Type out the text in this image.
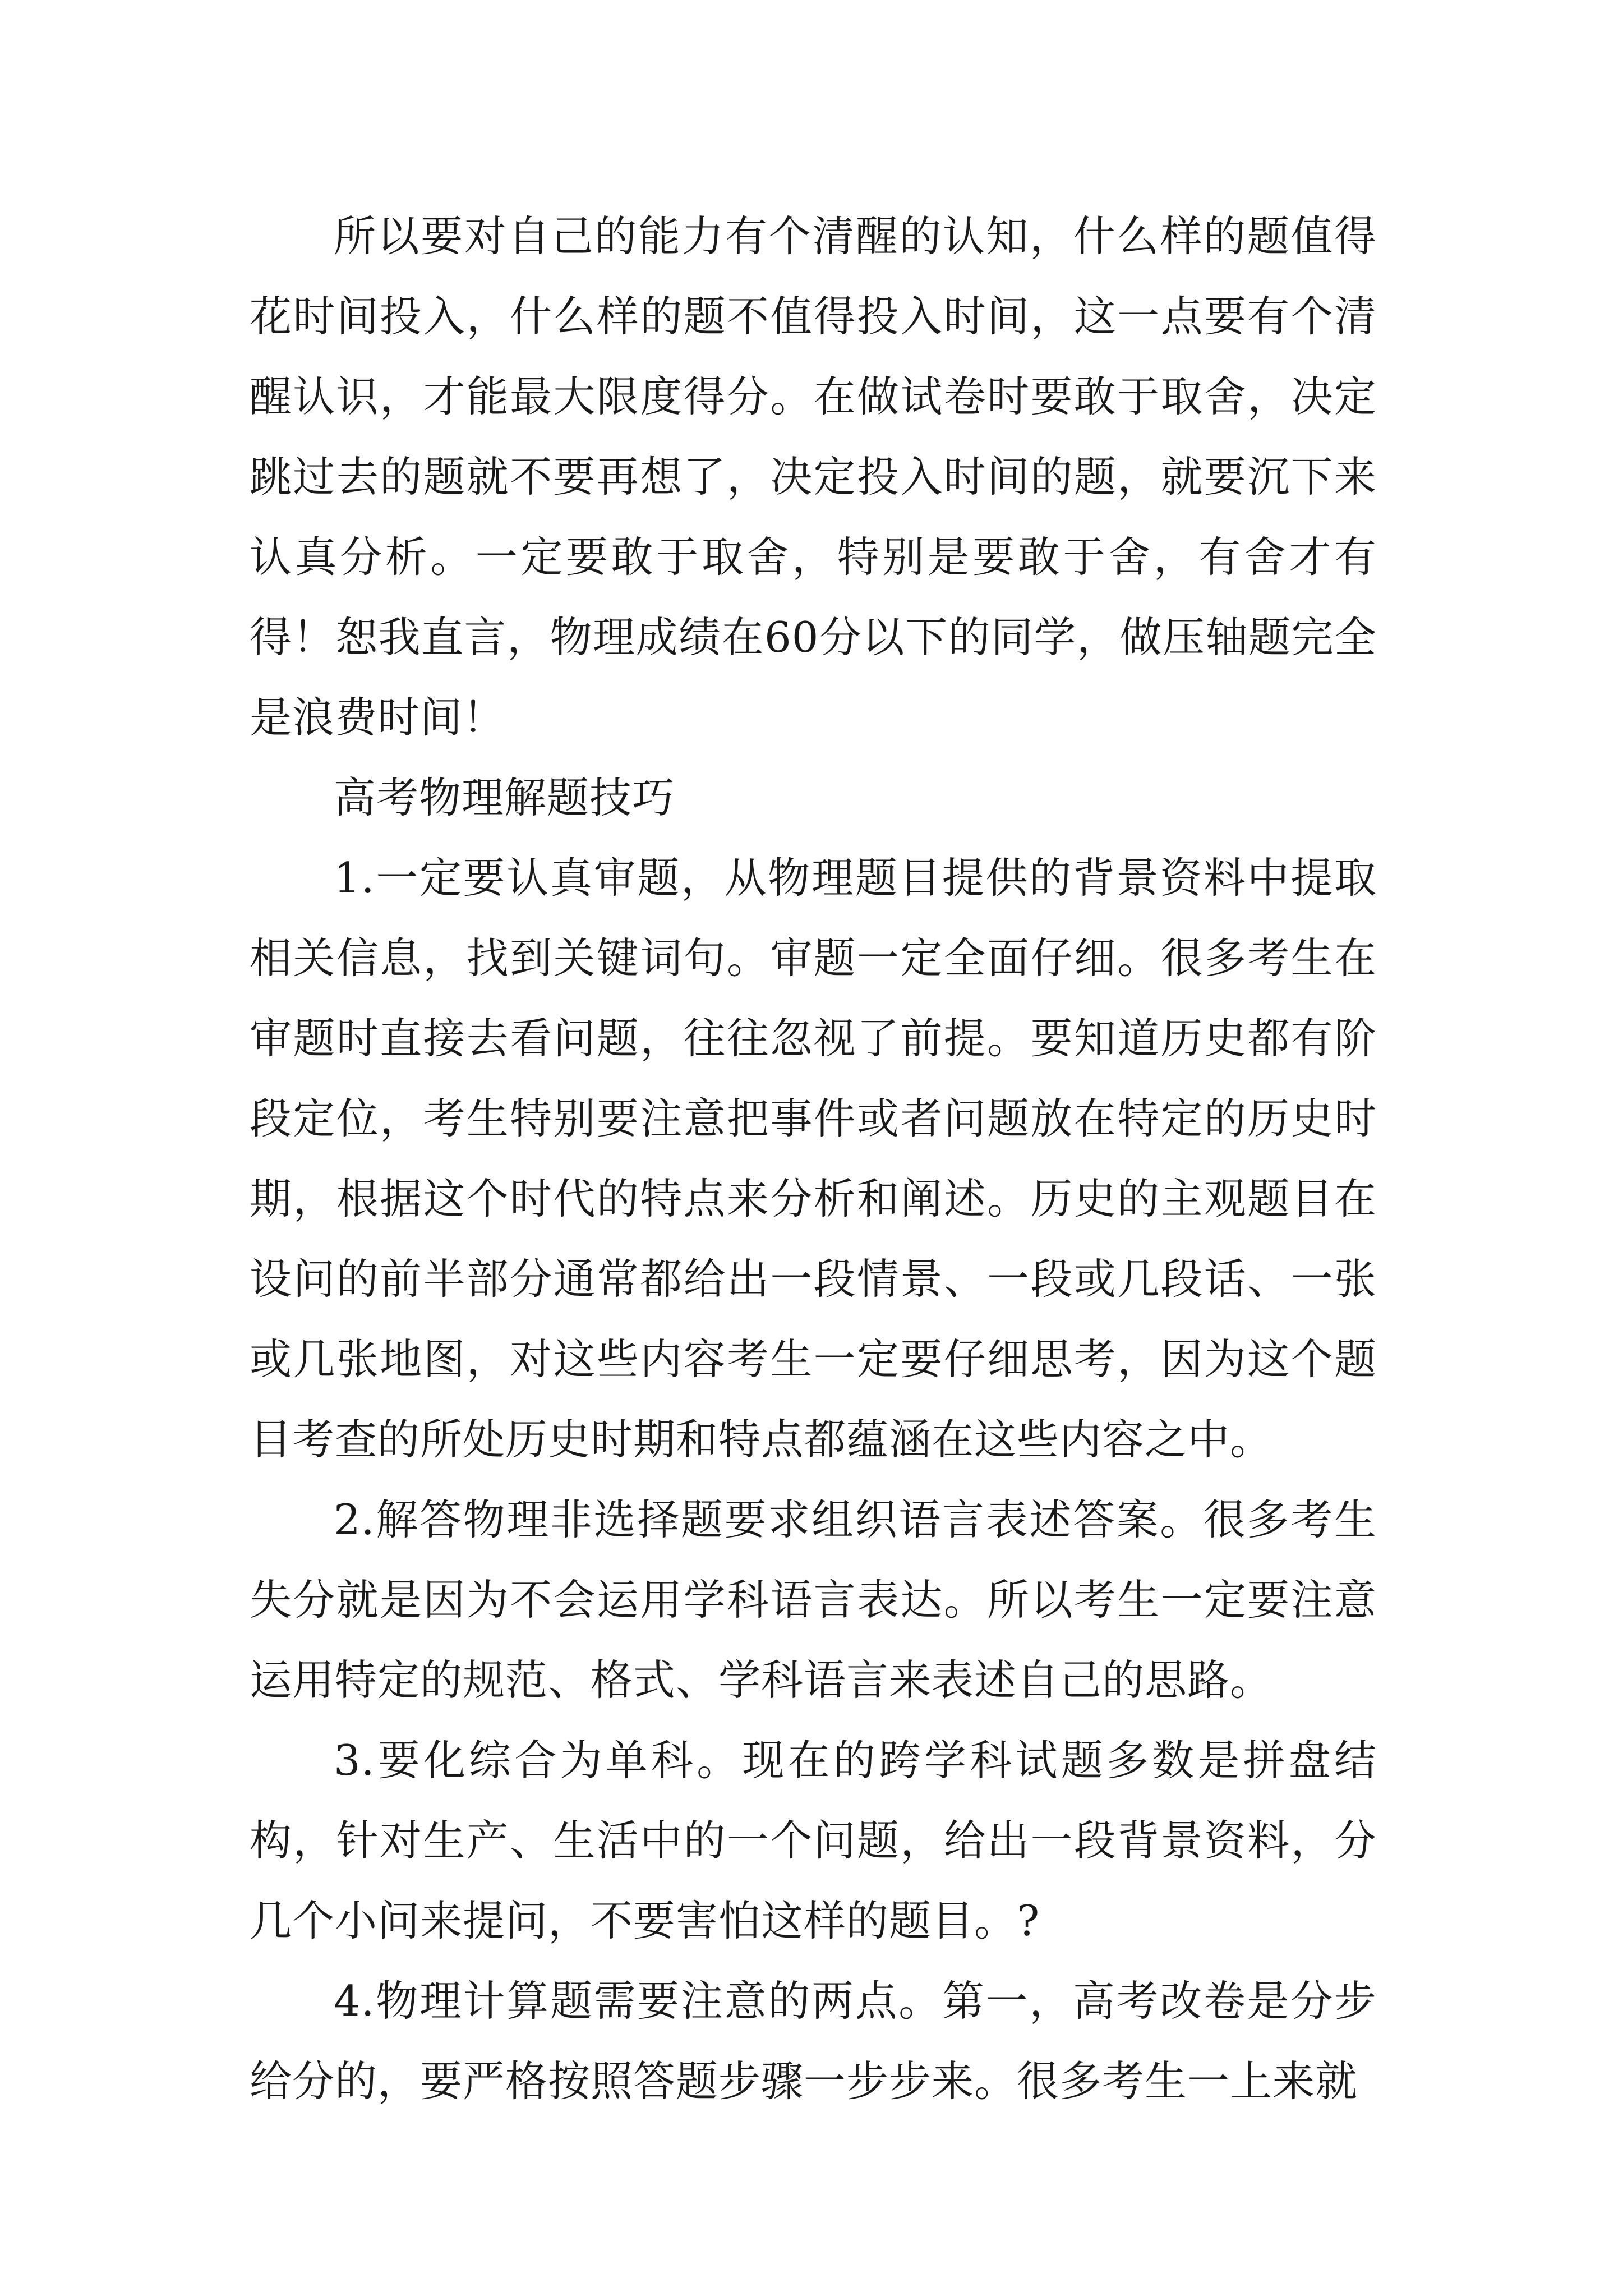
所以要对自己的能力有个清醒的认知，什么样的题值得花时间投入，什么样的题不值得投入时间，这一点要有个清醒认识，才能最大限度得分。在做试卷时要敢于取舍，决定跳过去的题就不要再想了，决定投入时间的题，就要沉下来认真分析。一定要敢于取舍，特别是要敢于舍，有舍才有得！恕我直言，物理成绩在60分以下的同学，做压轴题完全是浪费时间！

高考物理解题技巧

1.一定要认真审题，从物理题目提供的背景资料中提取相关信息，找到关键词句。审题一定全面仔细。很多考生在审题时直接去看问题，往往忽视了前提。要知道历史都有阶段定位，考生特别要注意把事件或者问题放在特定的历史时期，根据这个时代的特点来分析和阐述。历史的主观题目在设问的前半部分通常都给出一段情景、一段或几段话、一张或几张地图，对这些内容考生一定要仔细思考，因为这个题目考查的所处历史时期和特点都蕴涵在这些内容之中。

2.解答物理非选择题要求组织语言表述答案。很多考生失分就是因为不会运用学科语言表达。所以考生一定要注意运用特定的规范、格式、学科语言来表述自己的思路。

3.要化综合为单科。现在的跨学科试题多数是拼盘结构，针对生产、生活中的一个问题，给出一段背景资料，分几个小问来提问，不要害怕这样的题目。?

4.物理计算题需要注意的两点。第一，高考改卷是分步给分的，要严格按照答题步骤一步步来。很多考生一上来就
